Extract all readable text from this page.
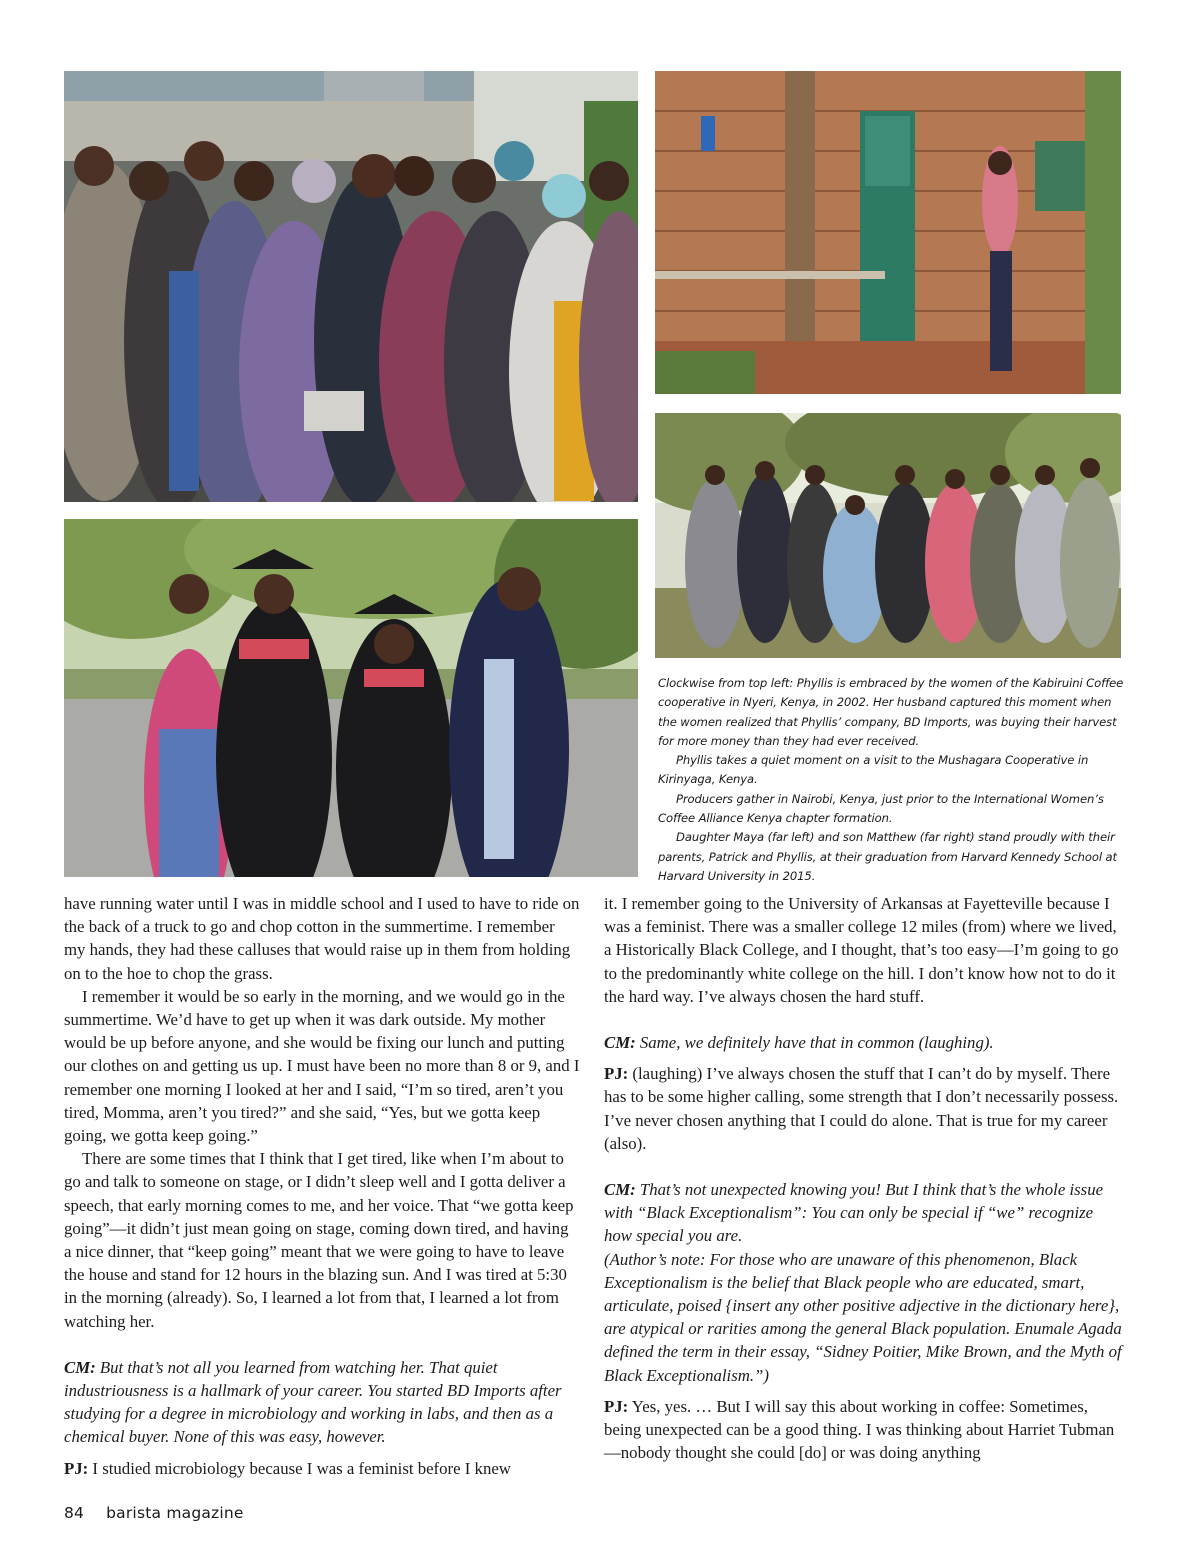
Clockwise from top left: Phyllis is embraced by the women of the Kabiruini Coffee cooperative in Nyeri, Kenya, in 2002. Her husband captured this moment when the women realized that Phyllis’ company, BD Imports, was buying their harvest for more money than they had ever received.

Phyllis takes a quiet moment on a visit to the Mushagara Cooperative in Kirinyaga, Kenya.

Producers gather in Nairobi, Kenya, just prior to the International Women’s Coffee Alliance Kenya chapter formation.

Daughter Maya (far left) and son Matthew (far right) stand proudly with their parents, Patrick and Phyllis, at their graduation from Harvard Kennedy School at Harvard University in 2015.

have running water until I was in middle school and I used to have to ride on the back of a truck to go and chop cotton in the summertime. I remember my hands, they had these calluses that would raise up in them from holding on to the hoe to chop the grass.

I remember it would be so early in the morning, and we would go in the summertime. We’d have to get up when it was dark outside. My mother would be up before anyone, and she would be fixing our lunch and putting our clothes on and getting us up. I must have been no more than 8 or 9, and I remember one morning I looked at her and I said, “I’m so tired, aren’t you tired, Momma, aren’t you tired?” and she said, “Yes, but we gotta keep going, we gotta keep going.”

There are some times that I think that I get tired, like when I’m about to go and talk to someone on stage, or I didn’t sleep well and I gotta deliver a speech, that early morning comes to me, and her voice. That “we gotta keep going”—it didn’t just mean going on stage, coming down tired, and having a nice dinner, that “keep going” meant that we were going to have to leave the house and stand for 12 hours in the blazing sun. And I was tired at 5:30 in the morning (already). So, I learned a lot from that, I learned a lot from watching her.

CM: But that’s not all you learned from watching her. That quiet industriousness is a hallmark of your career. You started BD Imports after studying for a degree in microbiology and working in labs, and then as a chemical buyer. None of this was easy, however.

PJ: I studied microbiology because I was a feminist before I knew

it. I remember going to the University of Arkansas at Fayetteville because I was a feminist. There was a smaller college 12 miles (from) where we lived, a Historically Black College, and I thought, that’s too easy—I’m going to go to the predominantly white college on the hill. I don’t know how not to do it the hard way. I’ve always chosen the hard stuff.

CM: Same, we definitely have that in common (laughing).

PJ: (laughing) I’ve always chosen the stuff that I can’t do by myself. There has to be some higher calling, some strength that I don’t necessarily possess. I’ve never chosen anything that I could do alone. That is true for my career (also).

CM: That’s not unexpected knowing you! But I think that’s the whole issue with “Black Exceptionalism”: You can only be special if “we” recognize how special you are.

(Author’s note: For those who are unaware of this phenomenon, Black Exceptionalism is the belief that Black people who are educated, smart, articulate, poised {insert any other positive adjective in the dictionary here}, are atypical or rarities among the general Black population. Enumale Agada defined the term in their essay, “Sidney Poitier, Mike Brown, and the Myth of Black Exceptionalism.”)

PJ: Yes, yes. … But I will say this about working in coffee: Sometimes, being unexpected can be a good thing. I was thinking about Harriet Tubman—nobody thought she could [do] or was doing anything

84 barista magazine
